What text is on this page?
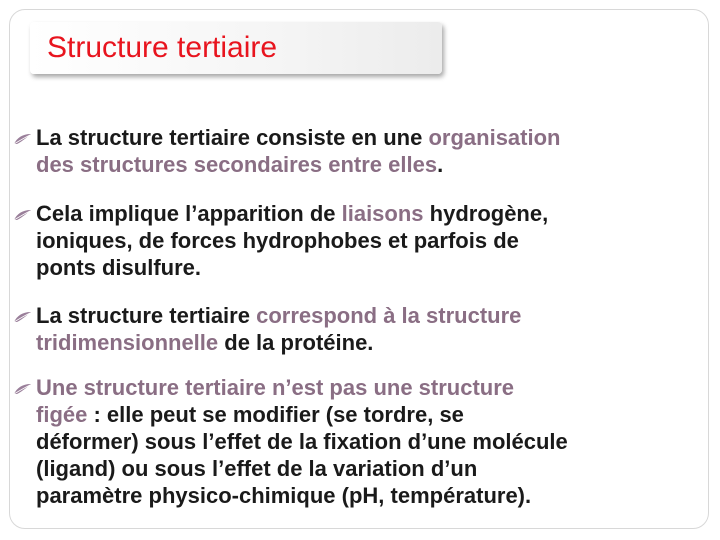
Structure tertiaire
La structure tertiaire consiste en une organisation
des structures secondaires entre elles.
Cela implique l’apparition de liaisons hydrogène,
ioniques, de forces hydrophobes et parfois de
ponts disulfure.
La structure tertiaire correspond à la structure
tridimensionnelle de la protéine.
Une structure tertiaire n’est pas une structure
figée : elle peut se modifier (se tordre, se
déformer) sous l’effet de la fixation d’une molécule
(ligand) ou sous l’effet de la variation d’un
paramètre physico-chimique (pH, température).
